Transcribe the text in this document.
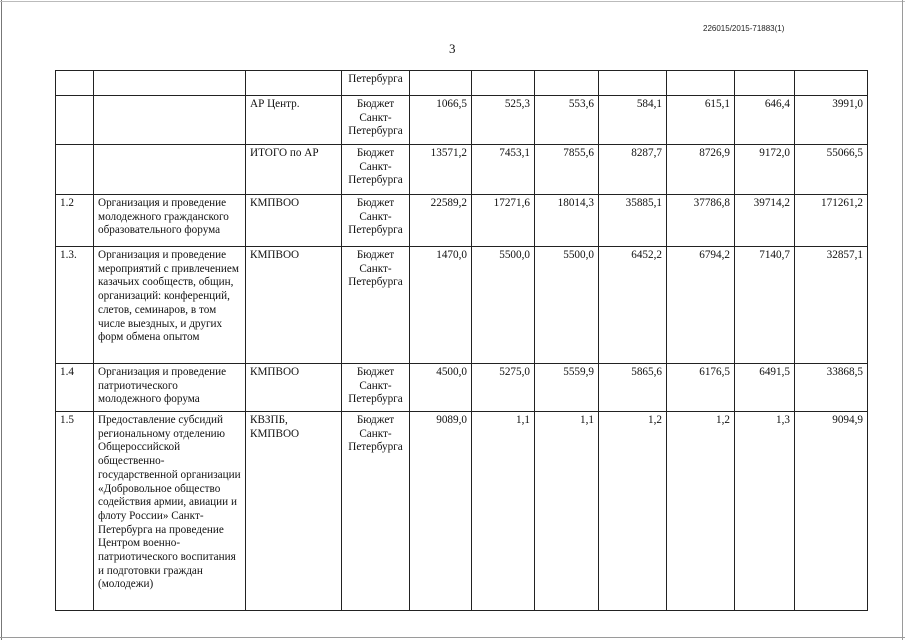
226015/2015-71883(1)
3
			Петербурга							
		АР Центр.	Бюджет Санкт-Петербурга	1066,5	525,3	553,6	584,1	615,1	646,4	3991,0
		ИТОГО по АР	Бюджет Санкт-Петербурга	13571,2	7453,1	7855,6	8287,7	8726,9	9172,0	55066,5
1.2	Организация и проведение молодежного гражданского образовательного форума	КМПВОО	Бюджет Санкт-Петербурга	22589,2	17271,6	18014,3	35885,1	37786,8	39714,2	171261,2
1.3.	Организация и проведение мероприятий с привлечением казачьих сообществ, общин, организаций: конференций, слетов, семинаров, в том числе выездных, и других форм обмена опытом	КМПВОО	Бюджет Санкт-Петербурга	1470,0	5500,0	5500,0	6452,2	6794,2	7140,7	32857,1
1.4	Организация и проведение патриотического молодежного форума	КМПВОО	Бюджет Санкт-Петербурга	4500,0	5275,0	5559,9	5865,6	6176,5	6491,5	33868,5
1.5	Предоставление субсидий региональному отделению Общероссийской общественно-государственной организации «Добровольное общество содействия армии, авиации и флоту России» Санкт-Петербурга на проведение Центром военно-патриотического воспитания и подготовки граждан (молодежи)	КВЗПБ, КМПВОО	Бюджет Санкт-Петербурга	9089,0	1,1	1,1	1,2	1,2	1,3	9094,9
